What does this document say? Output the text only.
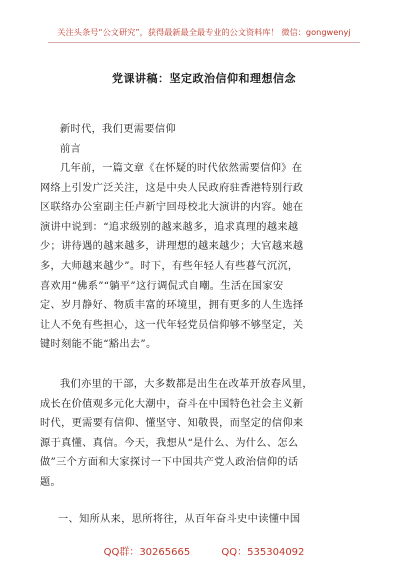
关注头条号“公文研究”，获得最新最全最专业的公文资料库！ 微信：gongwenyj
党课讲稿：坚定政治信仰和理想信念
新时代，我们更需要信仰
前言
几年前，一篇文章《在怀疑的时代依然需要信仰》在
网络上引发广泛关注，这是中央人民政府驻香港特别行政
区联络办公室副主任卢新宁回母校北大演讲的内容。她在
演讲中说到：“追求级别的越来越多，追求真理的越来越
少；讲待遇的越来越多，讲理想的越来越少；大官越来越
多，大师越来越少”。时下，有些年轻人有些暮气沉沉，
喜欢用“佛系”“躺平”这行调侃式自嘲。生活在国家安
定、岁月静好、物质丰富的环境里，拥有更多的人生选择
让人不免有些担心，这一代年轻党员信仰够不够坚定，关
键时刻能不能“豁出去”。
我们亦里的干部，大多数都是出生在改革开放春风里，
成长在价值观多元化大潮中，奋斗在中国特色社会主义新
时代，更需要有信仰、懂坚守、知敬畏，而坚定的信仰来
源于真懂、真信。今天，我想从“是什么、为什么、怎么
做”三个方面和大家探讨一下中国共产党人政治信仰的话
题。
一、知所从来，思所将往，从百年奋斗史中读懂中国
QQ群：30265665	QQ：535304092
